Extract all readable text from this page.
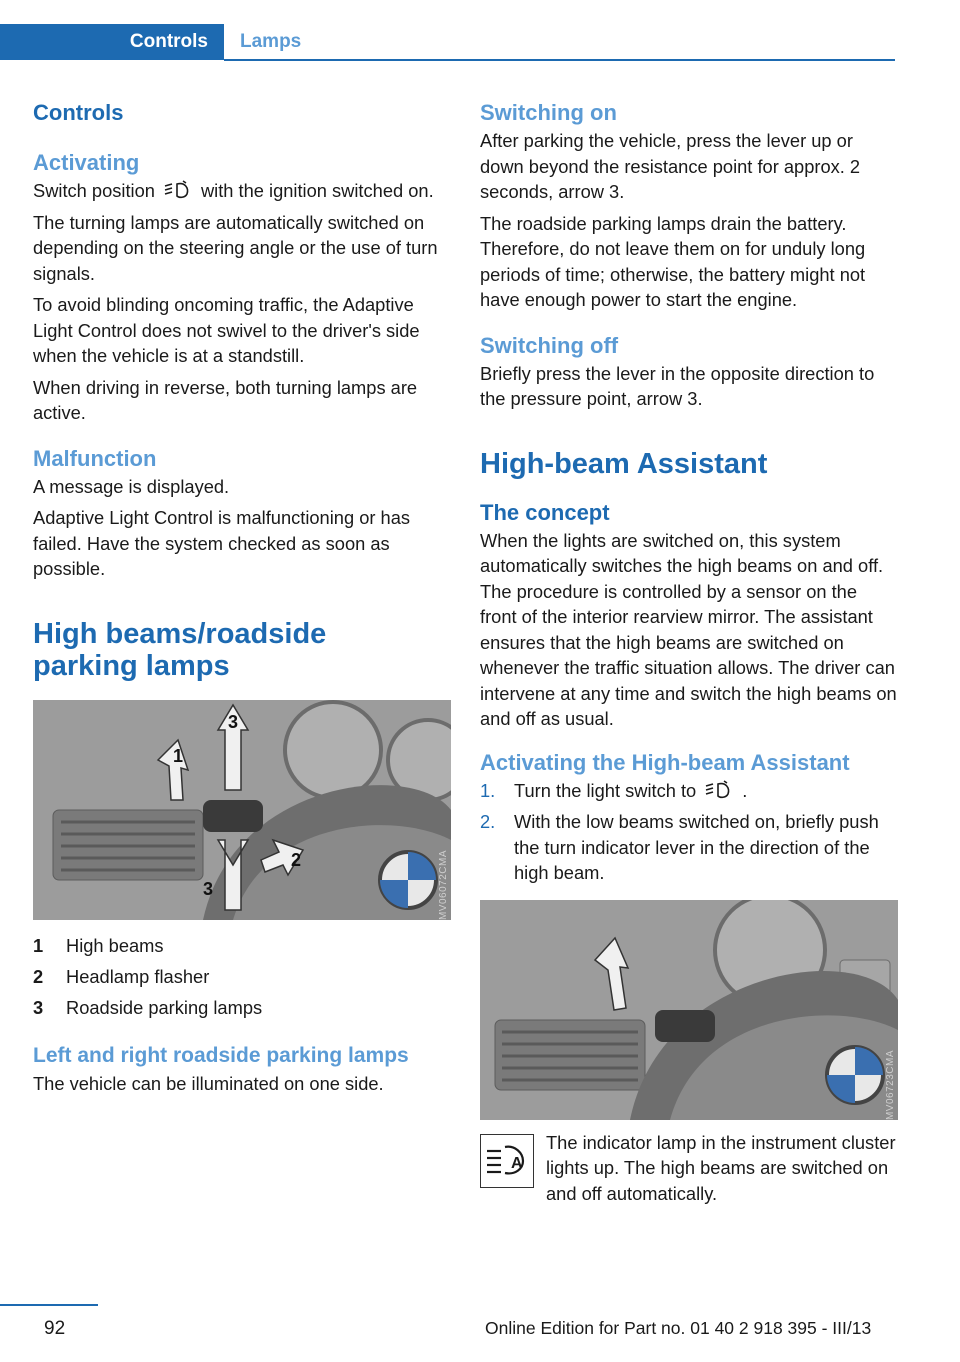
Controls	Lamps
Controls
Activating

Switch position	with the ignition switched on.

The turning lamps are automatically switched on depending on the steering angle or the use of turn signals.

To avoid blinding oncoming traffic, the Adaptive Light Control does not swivel to the driver's side when the vehicle is at a standstill.

When driving in reverse, both turning lamps are active.

Malfunction

A message is displayed.

Adaptive Light Control is malfunctioning or has failed. Have the system checked as soon as possible.

High beams/roadside parking lamps
1
3
2
3	MV06072CMA
1	High beams
2	Headlamp flasher
3	Roadside parking lamps
Left and right roadside parking lamps

The vehicle can be illuminated on one side.

Switching on

After parking the vehicle, press the lever up or down beyond the resistance point for approx. 2 seconds, arrow 3.

The roadside parking lamps drain the battery. Therefore, do not leave them on for unduly long periods of time; otherwise, the battery might not have enough power to start the engine.

Switching off

Briefly press the lever in the opposite direction to the pressure point, arrow 3.

High-beam Assistant
The concept

When the lights are switched on, this system automatically switches the high beams on and off. The procedure is controlled by a sensor on the front of the interior rearview mirror. The assistant ensures that the high beams are switched on whenever the traffic situation allows. The driver can intervene at any time and switch the high beams on and off as usual.

Activating the High-beam Assistant
1.	Turn the light switch to	.
2.	With the low beams switched on, briefly push the turn indicator lever in the direction of the high beam.
MV06723CMA
A

The indicator lamp in the instrument cluster lights up. The high beams are switched on and off automatically.

92	Online Edition for Part no. 01 40 2 918 395 - III/13
